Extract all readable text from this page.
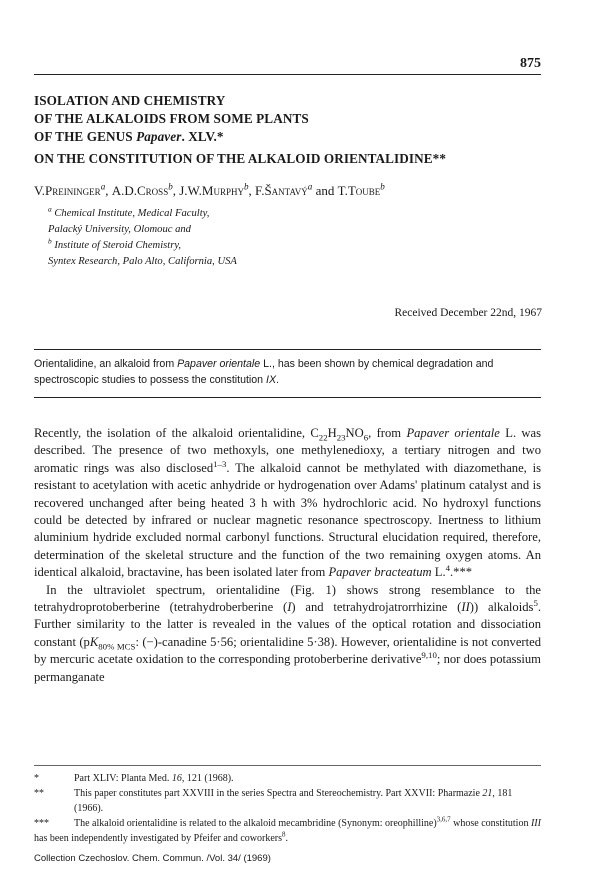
875
ISOLATION AND CHEMISTRY
OF THE ALKALOIDS FROM SOME PLANTS
OF THE GENUS Papaver. XLV.*
ON THE CONSTITUTION OF THE ALKALOID ORIENTALIDINE**
V.Preininger$^a$, A.D.Cross$^b$, J.W.Murphy$^b$, F.Šantavý$^a$ and T.Toube$^b$
$^a$ Chemical Institute, Medical Faculty,
Palacký University, Olomouc and
$^b$ Institute of Steroid Chemistry,
Syntex Research, Palo Alto, California, USA
Received December 22nd, 1967
Orientalidine, an alkaloid from Papaver orientale L., has been shown by chemical degradation and spectroscopic studies to possess the constitution IX.

Recently, the isolation of the alkaloid orientalidine, $C_{22}H_{23}NO_6$, from Papaver orientale L. was described. The presence of two methoxyls, one methylenedioxy, a tertiary nitrogen and two aromatic rings was also disclosed$^{1-3}$. The alkaloid cannot be methylated with diazomethane, is resistant to acetylation with acetic anhydride or hydrogenation over Adams' platinum catalyst and is recovered unchanged after being heated 3 h with 3% hydrochloric acid. No hydroxyl functions could be detected by infrared or nuclear magnetic resonance spectroscopy. Inertness to lithium aluminium hydride excluded normal carbonyl functions. Structural elucidation required, therefore, determination of the skeletal structure and the function of the two remaining oxygen atoms. An identical alkaloid, bractavine, has been isolated later from Papaver bracteatum L.$^4$.***

In the ultraviolet spectrum, orientalidine (Fig. 1) shows strong resemblance to the tetrahydroprotoberberine (tetrahydroberberine (I) and tetrahydrojatrorrhizine (II)) alkaloids$^5$. Further similarity to the latter is revealed in the values of the optical rotation and dissociation constant ($pK_{80\% MCS}$: (−)-canadine 5·56; orientalidine 5·38). However, orientalidine is not converted by mercuric acetate oxidation to the corresponding protoberberine derivative$^{9,10}$; nor does potassium permanganate

*	Part XLIV: Planta Med. 16, 121 (1968).
**	This paper constitutes part XXVIII in the series Spectra and Stereochemistry. Part XXVII: Pharmazie 21, 181 (1966).
***	The alkaloid orientalidine is related to the alkaloid mecambridine (Synonym: oreophilline)$^{3,6,7}$ whose constitution III has been independently investigated by Pfeifer and coworkers$^8$.
Collection Czechoslov. Chem. Commun. /Vol. 34/ (1969)
